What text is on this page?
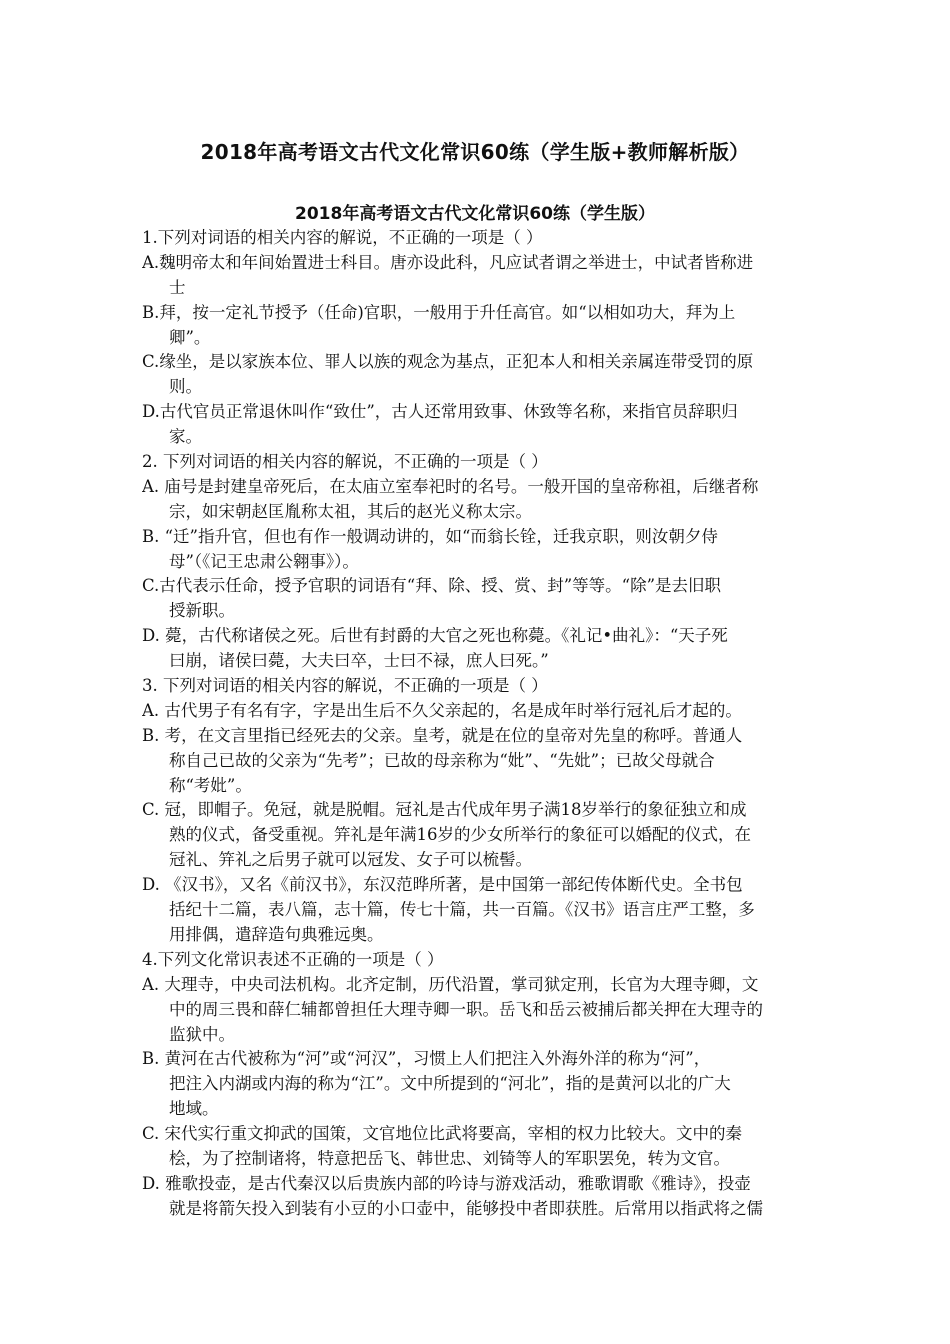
2018年高考语文古代文化常识60练（学生版+教师解析版）
2018年高考语文古代文化常识60练（学生版）
1.下列对词语的相关内容的解说，不正确的一项是（ ）
A.魏明帝太和年间始置进士科目。唐亦设此科，凡应试者谓之举进士，中试者皆称进
士
B.拜，按一定礼节授予（任命)官职，一般用于升任高官。如“以相如功大，拜为上
卿”。
C.缘坐，是以家族本位、罪人以族的观念为基点，正犯本人和相关亲属连带受罚的原
则。
D.古代官员正常退休叫作“致仕”，古人还常用致事、休致等名称，来指官员辞职归
家。
2. 下列对词语的相关内容的解说，不正确的一项是（ ）
A. 庙号是封建皇帝死后，在太庙立室奉祀时的名号。一般开国的皇帝称祖，后继者称
宗，如宋朝赵匡胤称太祖，其后的赵光义称太宗。
B. “迁”指升官，但也有作一般调动讲的，如“而翁长铨，迁我京职，则汝朝夕侍
母”（《记王忠肃公翱事》）。
C.古代表示任命，授予官职的词语有“拜、除、授、赏、封”等等。“除”是去旧职
授新职。
D. 薨，古代称诸侯之死。后世有封爵的大官之死也称薨。《礼记•曲礼》：“天子死
曰崩，诸侯曰薨，大夫曰卒，士曰不禄，庶人曰死。”
3. 下列对词语的相关内容的解说，不正确的一项是（ ）
A. 古代男子有名有字，字是出生后不久父亲起的，名是成年时举行冠礼后才起的。
B. 考，在文言里指已经死去的父亲。皇考，就是在位的皇帝对先皇的称呼。普通人
称自己已故的父亲为“先考”；已故的母亲称为“妣”、“先妣”；已故父母就合
称“考妣”。
C. 冠，即帽子。免冠，就是脱帽。冠礼是古代成年男子满18岁举行的象征独立和成
熟的仪式，备受重视。笄礼是年满16岁的少女所举行的象征可以婚配的仪式，在
冠礼、笄礼之后男子就可以冠发、女子可以梳髻。
D. 《汉书》，又名《前汉书》，东汉范晔所著，是中国第一部纪传体断代史。全书包
括纪十二篇，表八篇，志十篇，传七十篇，共一百篇。《汉书》语言庄严工整，多
用排偶，遣辞造句典雅远奥。
4.下列文化常识表述不正确的一项是（ ）
A. 大理寺，中央司法机构。北齐定制，历代沿置，掌司狱定刑，长官为大理寺卿，文
中的周三畏和薛仁辅都曾担任大理寺卿一职。岳飞和岳云被捕后都关押在大理寺的
监狱中。
B. 黄河在古代被称为“河”或“河汉”，习惯上人们把注入外海外洋的称为“河”，
把注入内湖或内海的称为“江”。文中所提到的“河北”，指的是黄河以北的广大
地域。
C. 宋代实行重文抑武的国策，文官地位比武将要高，宰相的权力比较大。文中的秦
桧，为了控制诸将，特意把岳飞、韩世忠、刘锜等人的军职罢免，转为文官。
D. 雅歌投壶，是古代秦汉以后贵族内部的吟诗与游戏活动，雅歌谓歌《雅诗》，投壶
就是将箭矢投入到装有小豆的小口壶中，能够投中者即获胜。后常用以指武将之儒
